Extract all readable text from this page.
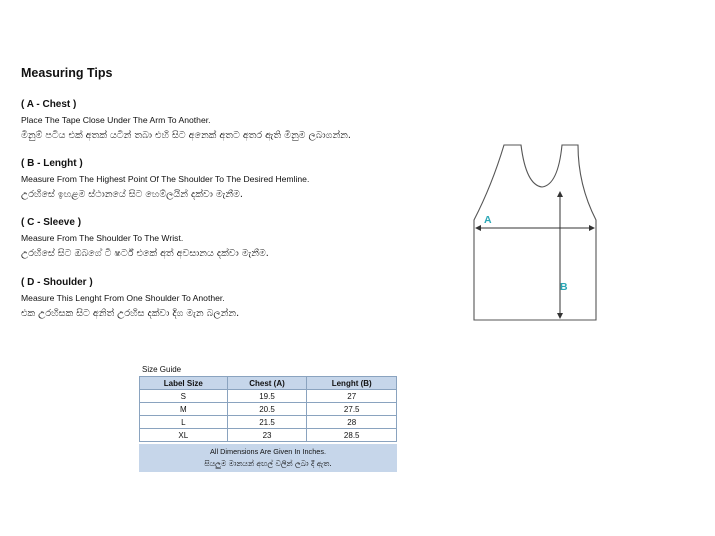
Measuring Tips
( A - Chest )
Place The Tape Close Under The Arm To Another.
මිනුම් පටිය එක් අතක් යටින් තබා එහි සිට අනෙක් අතට අතර ඇති මිනුම ලබාගන්න.
( B - Lenght )
Measure From The Highest Point Of The Shoulder To The Desired Hemline.
උරහිසේ ඉහළම ස්ථානයේ සිට හෙම්ලයින් දක්වා මැනීම.
( C - Sleeve )
Measure From The Shoulder To The Wrist.
උරහිසේ සිට ඔබගේ ටී ෂර්ට් එකේ අත් අවසානය දක්වා මැනීම.
( D - Shoulder )
Measure This Lenght From One Shoulder To Another.
එක උරහිසක සිට අනිත් උරහිස දක්වා දිග මැන බලන්න.
A
B
Size Guide
Label Size	Chest (A)	Lenght (B)
S	19.5	27
M	20.5	27.5
L	21.5	28
XL	23	28.5
All Dimensions Are Given In Inches.
සියලුම මානයන් අඟල් වලින් ලබා දී ඇත.
